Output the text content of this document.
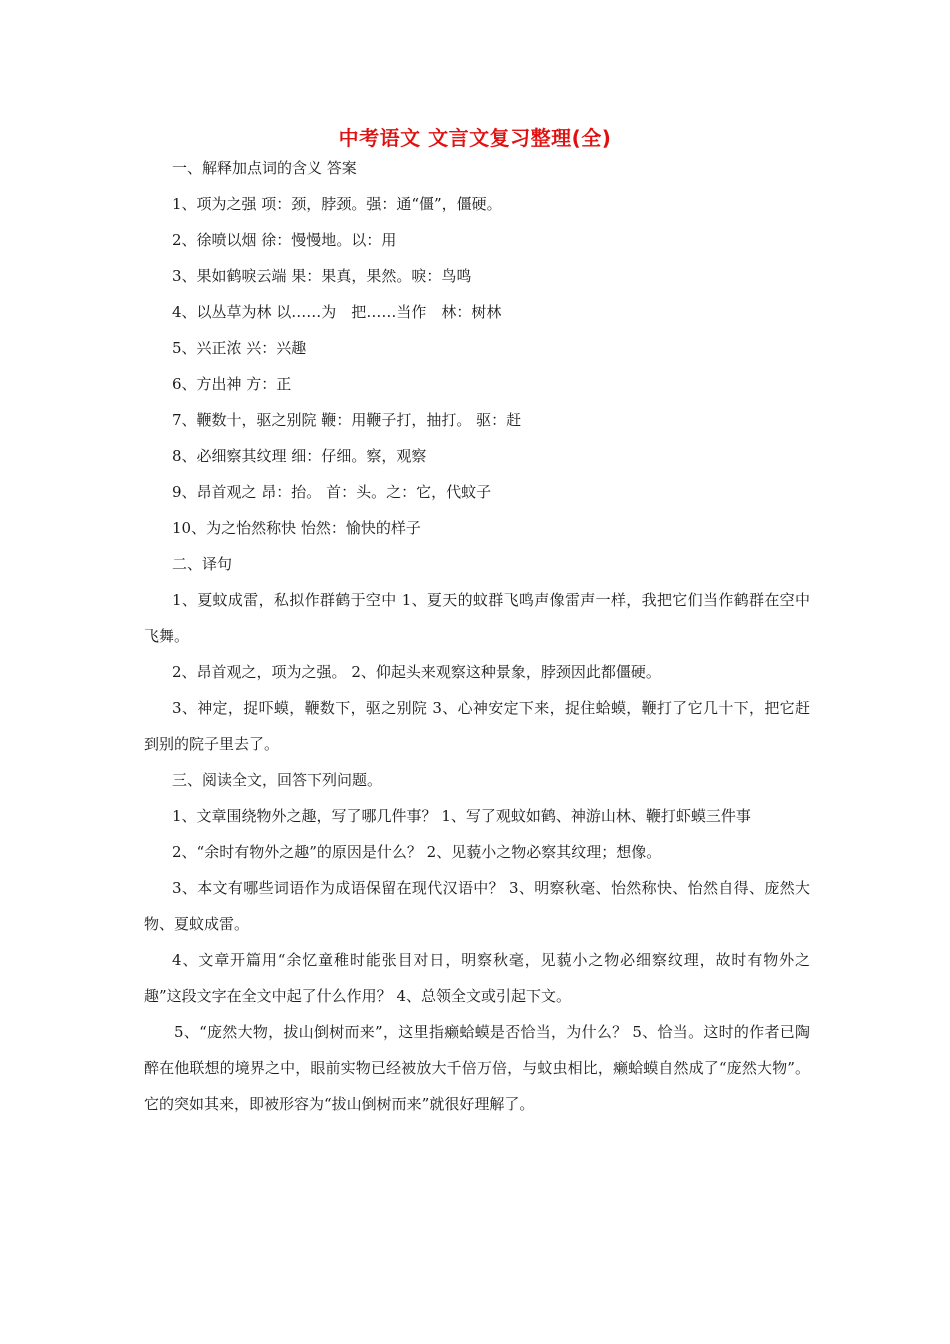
中考语文 文言文复习整理(全)

一、解释加点词的含义 答案

1、项为之强 项：颈，脖颈。强：通“僵”，僵硬。

2、徐喷以烟 徐：慢慢地。以：用

3、果如鹤唳云端 果：果真，果然。唳：鸟鸣

4、以丛草为林 以……为　把……当作　林：树林

5、兴正浓 兴：兴趣

6、方出神 方：正

7、鞭数十，驱之别院 鞭：用鞭子打，抽打。 驱：赶

8、必细察其纹理 细：仔细。察，观察

9、昂首观之 昂：抬。 首：头。之：它，代蚊子

10、为之怡然称快 怡然：愉快的样子

二、译句

1、夏蚊成雷，私拟作群鹤于空中 1、夏天的蚊群飞鸣声像雷声一样，我把它们当作鹤群在空中飞舞。

2、昂首观之，项为之强。 2、仰起头来观察这种景象，脖颈因此都僵硬。

3、神定，捉吓蟆，鞭数下，驱之别院 3、心神安定下来，捉住蛤蟆，鞭打了它几十下，把它赶到别的院子里去了。

三、阅读全文，回答下列问题。

1、文章围绕物外之趣，写了哪几件事？ 1、写了观蚊如鹤、神游山林、鞭打虾蟆三件事

2、“余时有物外之趣”的原因是什么？ 2、见藐小之物必察其纹理；想像。

3、本文有哪些词语作为成语保留在现代汉语中？ 3、明察秋毫、怡然称快、怡然自得、庞然大物、夏蚊成雷。

4、文章开篇用“余忆童稚时能张目对日，明察秋毫，见藐小之物必细察纹理，故时有物外之趣”这段文字在全文中起了什么作用？ 4、总领全文或引起下文。

5、“庞然大物，拔山倒树而来”，这里指癞蛤蟆是否恰当，为什么？ 5、恰当。这时的作者已陶醉在他联想的境界之中，眼前实物已经被放大千倍万倍，与蚊虫相比，癞蛤蟆自然成了“庞然大物”。它的突如其来，即被形容为“拔山倒树而来”就很好理解了。
